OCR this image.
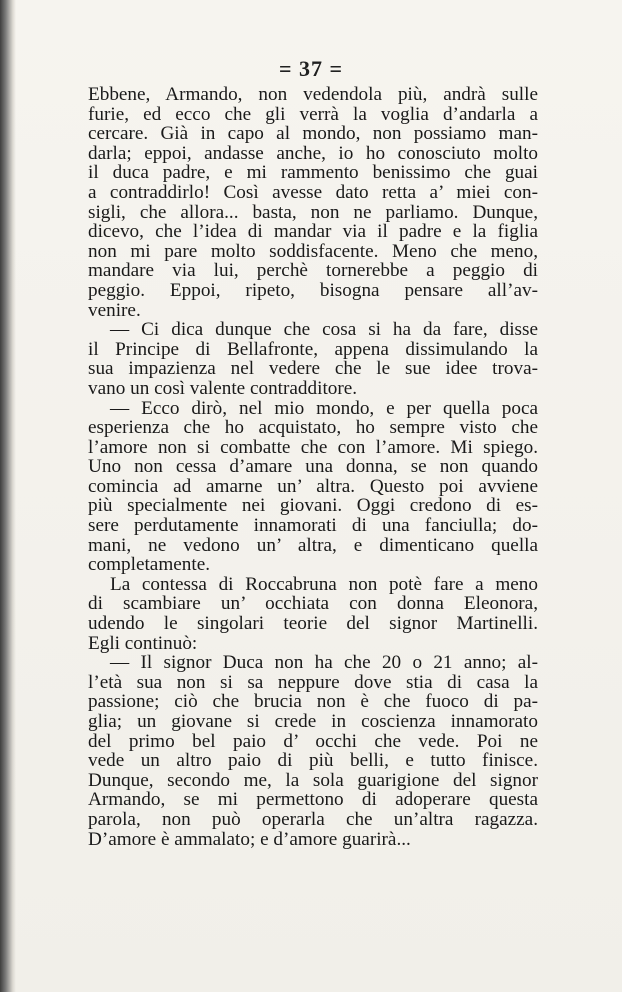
= 37 =
Ebbene, Armando, non vedendola più, andrà sulle
furie, ed ecco che gli verrà la voglia d’andarla a
cercare. Già in capo al mondo, non possiamo man-
darla; eppoi, andasse anche, io ho conosciuto molto
il duca padre, e mi rammento benissimo che guai
a contraddirlo! Così avesse dato retta a’ miei con-
sigli, che allora... basta, non ne parliamo. Dunque,
dicevo, che l’idea di mandar via il padre e la figlia
non mi pare molto soddisfacente. Meno che meno,
mandare via lui, perchè tornerebbe a peggio di
peggio. Eppoi, ripeto, bisogna pensare all’av-
venire.
— Ci dica dunque che cosa si ha da fare, disse
il Principe di Bellafronte, appena dissimulando la
sua impazienza nel vedere che le sue idee trova-
vano un così valente contradditore.
— Ecco dirò, nel mio mondo, e per quella poca
esperienza che ho acquistato, ho sempre visto che
l’amore non si combatte che con l’amore. Mi spiego.
Uno non cessa d’amare una donna, se non quando
comincia ad amarne un’ altra. Questo poi avviene
più specialmente nei giovani. Oggi credono di es-
sere perdutamente innamorati di una fanciulla; do-
mani, ne vedono un’ altra, e dimenticano quella
completamente.
La contessa di Roccabruna non potè fare a meno
di scambiare un’ occhiata con donna Eleonora,
udendo le singolari teorie del signor Martinelli.
Egli continuò:
— Il signor Duca non ha che 20 o 21 anno; al-
l’età sua non si sa neppure dove stia di casa la
passione; ciò che brucia non è che fuoco di pa-
glia; un giovane si crede in coscienza innamorato
del primo bel paio d’ occhi che vede. Poi ne
vede un altro paio di più belli, e tutto finisce.
Dunque, secondo me, la sola guarigione del signor
Armando, se mi permettono di adoperare questa
parola, non può operarla che un’altra ragazza.
D’amore è ammalato; e d’amore guarirà...
